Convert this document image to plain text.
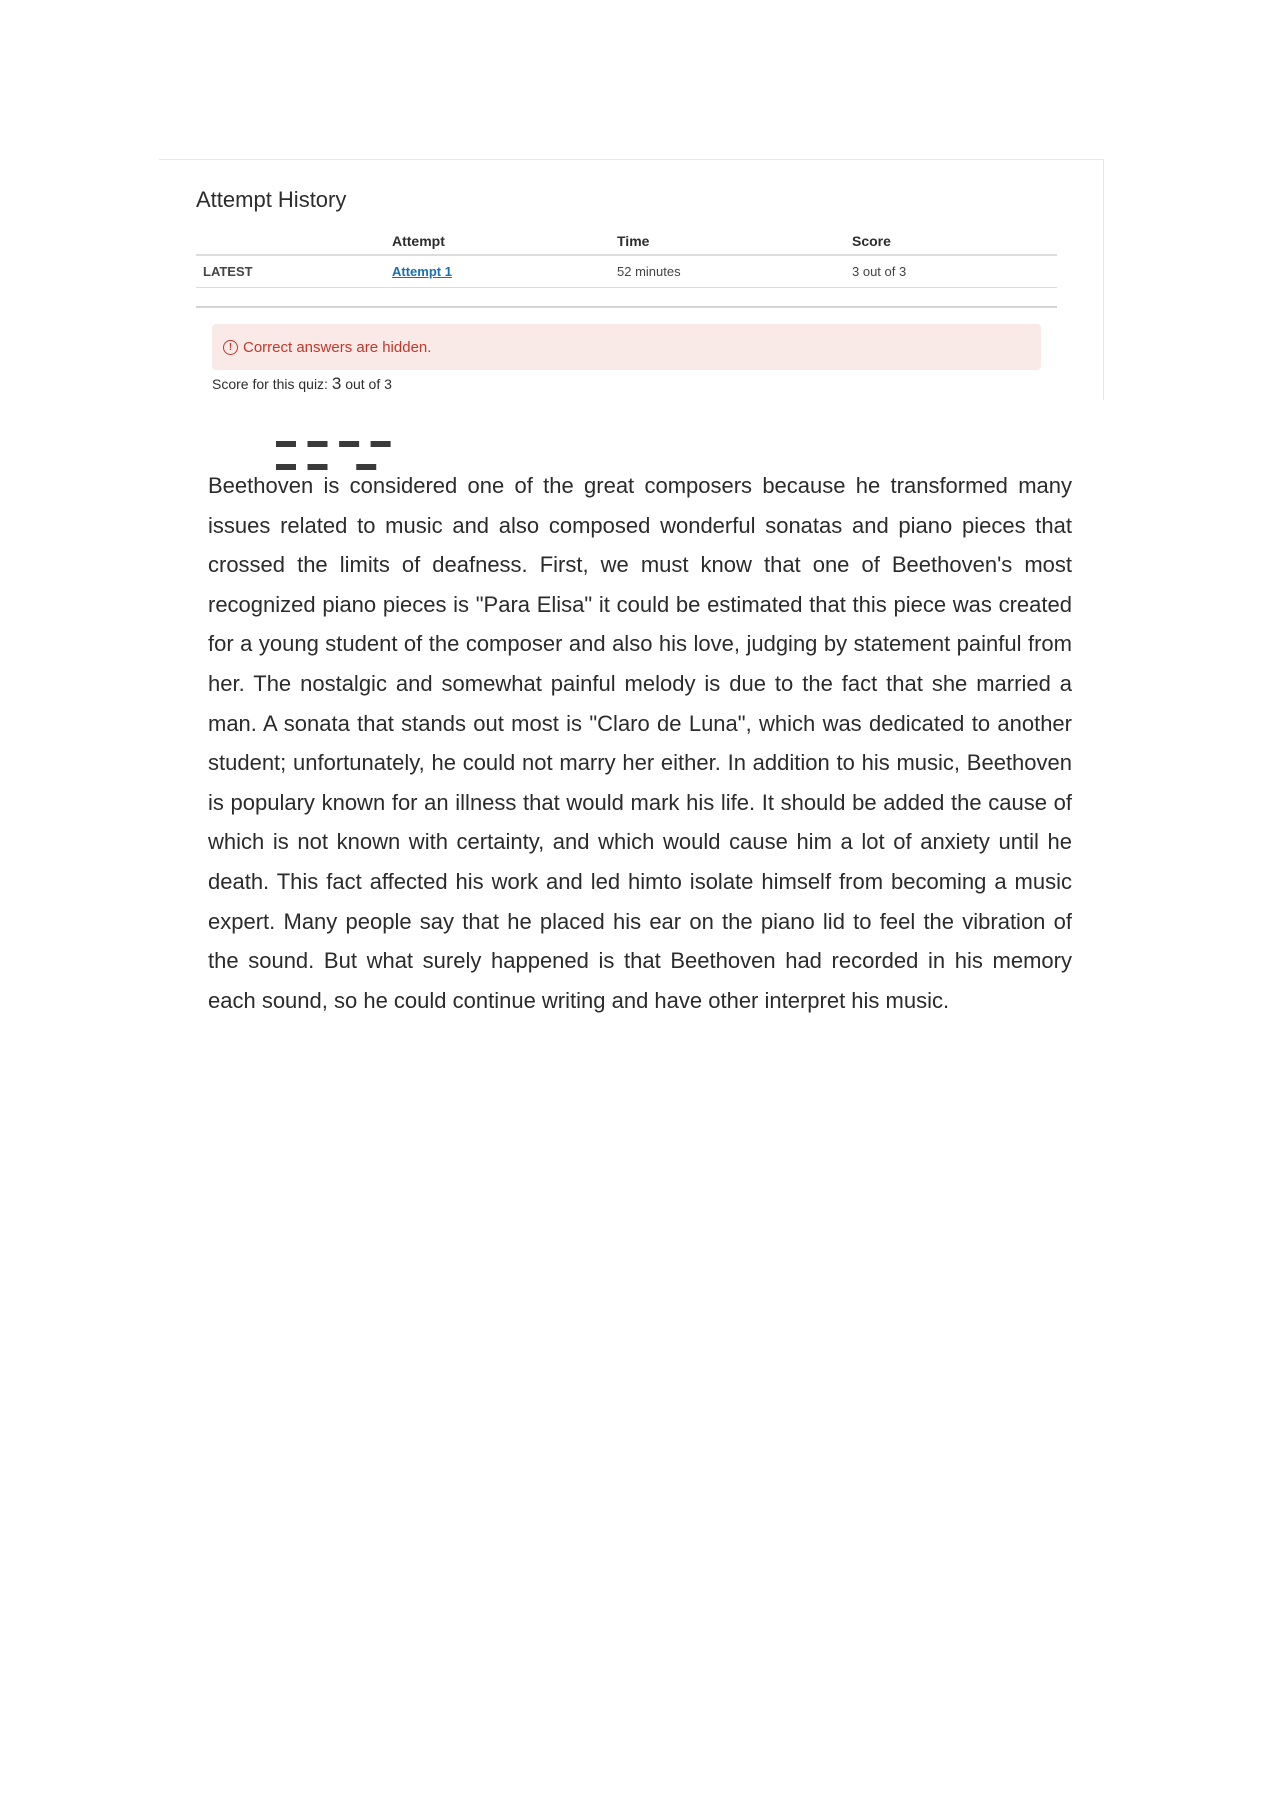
Attempt History
	Attempt	Time	Score
LATEST	Attempt 1	52 minutes	3 out of 3
! Correct answers are hidden.
Score for this quiz: 3 out of 3
▬ ▬ ▬ ▬ ▬ ▬   ▬

Beethoven is considered one of the great composers because he transformed many issues related to music and also composed wonderful sonatas and piano pieces that crossed the limits of deafness. First, we must know that one of Beethoven's most recognized piano pieces is "Para Elisa" it could be estimated that this piece was created for a young student of the composer and also his love, judging by statement painful from her. The nostalgic and somewhat painful melody is due to the fact that she married a man. A sonata that stands out most is "Claro de Luna", which was dedicated to another student; unfortunately, he could not marry her either. In addition to his music, Beethoven is populary known for an illness that would mark his life. It should be added the cause of which is not known with certainty, and which would cause him a lot of anxiety until he death. This fact affected his work and led himto isolate himself from becoming a music expert. Many people say that he placed his ear on the piano lid to feel the vibration of the sound. But what surely happened is that Beethoven had recorded in his memory each sound, so he could continue writing and have other interpret his music.
